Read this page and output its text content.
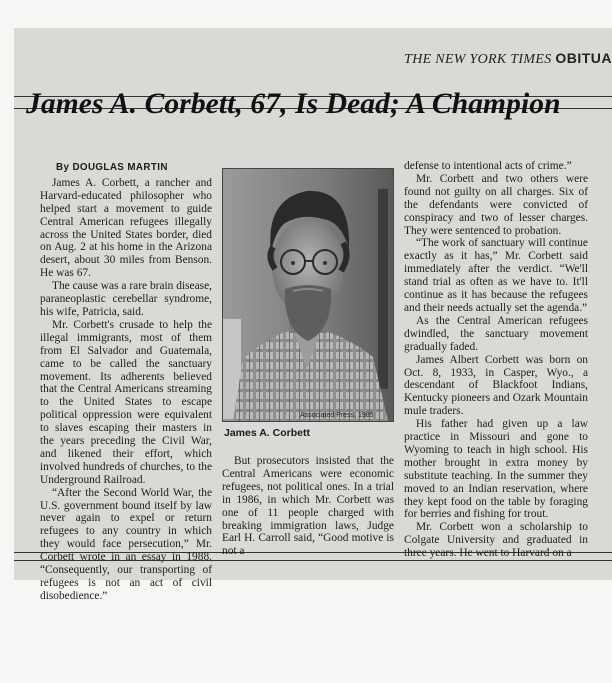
THE NEW YORK TIMES OBITUA
James A. Corbett, 67, Is Dead; A Champion

By DOUGLAS MARTIN

James A. Corbett, a rancher and Harvard-educated philosopher who helped start a movement to guide Central American refugees illegally across the United States border, died on Aug. 2 at his home in the Arizona desert, about 30 miles from Benson. He was 67.

The cause was a rare brain disease, paraneoplastic cerebellar syndrome, his wife, Patricia, said.

Mr. Corbett's crusade to help the illegal immigrants, most of them from El Salvador and Guatemala, came to be called the sanctuary movement. Its adherents believed that the Central Americans streaming to the United States to escape political oppression were equivalent to slaves escaping their masters in the years preceding the Civil War, and likened their effort, which involved hundreds of churches, to the Underground Railroad.

“After the Second World War, the U.S. government bound itself by law never again to expel or return refugees to any country in which they would face persecution,” Mr. Corbett wrote in an essay in 1988. “Consequently, our transporting of refugees is not an act of civil disobedience.”

Associated Press, 1985
James A. Corbett

But prosecutors insisted that the Central Americans were economic refugees, not political ones. In a trial in 1986, in which Mr. Corbett was one of 11 people charged with breaking immigration laws, Judge Earl H. Carroll said, “Good motive is not a

defense to intentional acts of crime.”

Mr. Corbett and two others were found not guilty on all charges. Six of the defendants were convicted of conspiracy and two of lesser charges. They were sentenced to probation.

“The work of sanctuary will continue exactly as it has,” Mr. Corbett said immediately after the verdict. “We'll stand trial as often as we have to. It'll continue as it has because the refugees and their needs actually set the agenda.”

As the Central American refugees dwindled, the sanctuary movement gradually faded.

James Albert Corbett was born on Oct. 8, 1933, in Casper, Wyo., a descendant of Blackfoot Indians, Kentucky pioneers and Ozark Mountain mule traders.

His father had given up a law practice in Missouri and gone to Wyoming to teach in high school. His mother brought in extra money by substitute teaching. In the summer they moved to an Indian reservation, where they kept food on the table by foraging for berries and fishing for trout.

Mr. Corbett won a scholarship to Colgate University and graduated in three years. He went to Harvard on a
